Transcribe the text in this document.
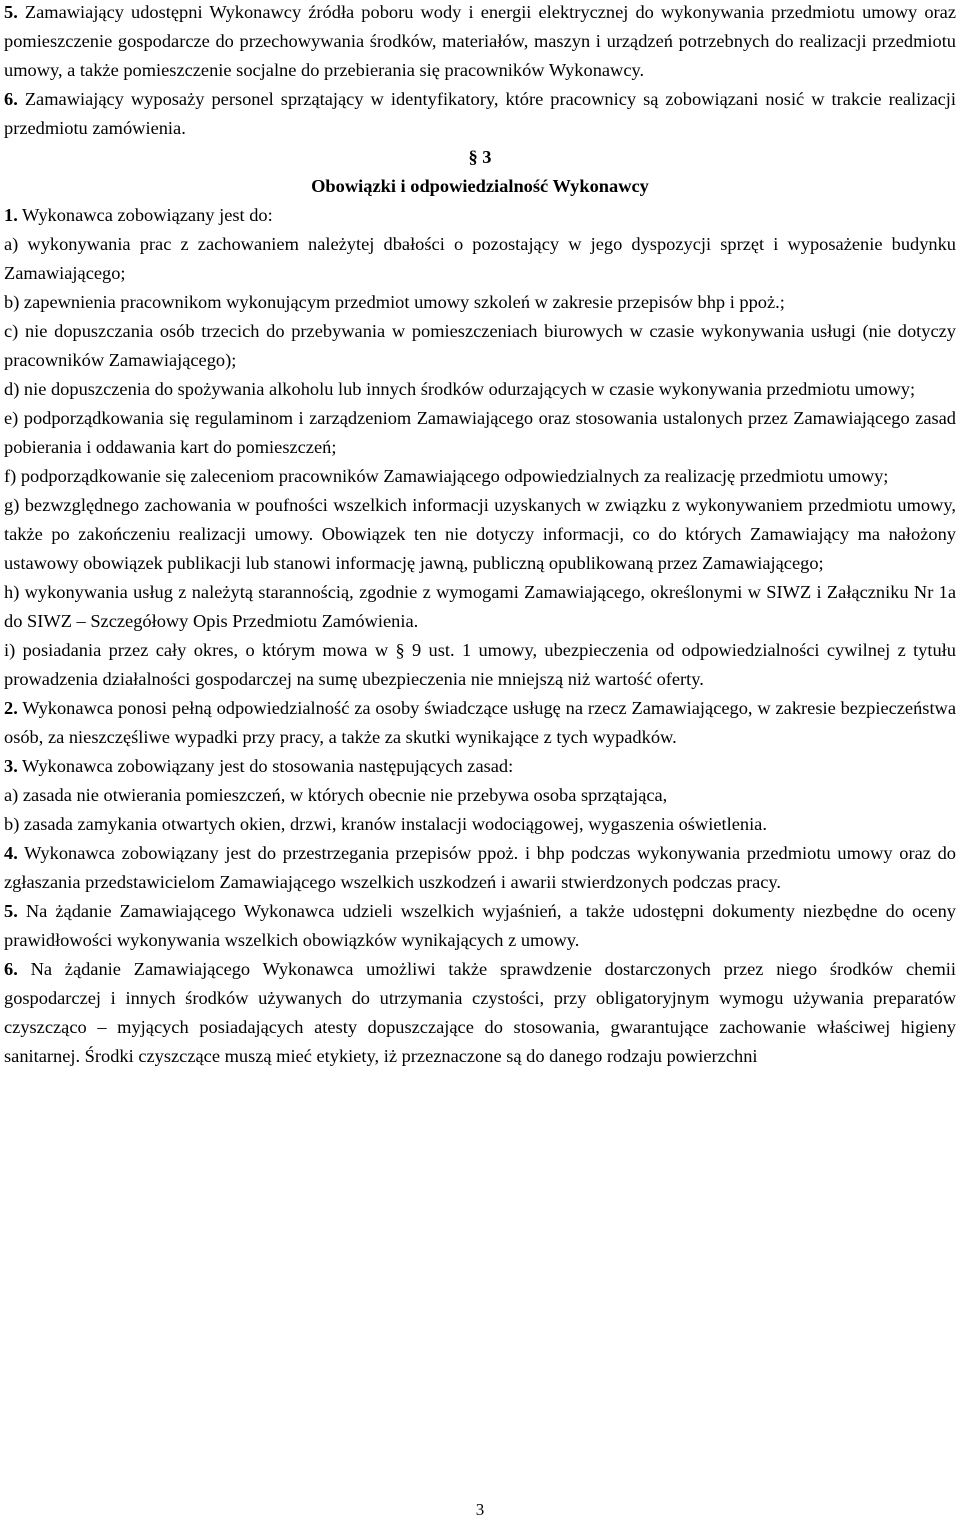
5. Zamawiający udostępni Wykonawcy źródła poboru wody i energii elektrycznej do wykonywania przedmiotu umowy oraz pomieszczenie gospodarcze do przechowywania środków, materiałów, maszyn i urządzeń potrzebnych do realizacji przedmiotu umowy, a także pomieszczenie socjalne do przebierania się pracowników Wykonawcy.

6. Zamawiający wyposaży personel sprzątający w identyfikatory, które pracownicy są zobowiązani nosić w trakcie realizacji przedmiotu zamówienia.

§ 3

Obowiązki i odpowiedzialność Wykonawcy

1. Wykonawca zobowiązany jest do:

a) wykonywania prac z zachowaniem należytej dbałości o pozostający w jego dyspozycji sprzęt i wyposażenie budynku Zamawiającego;

b) zapewnienia pracownikom wykonującym przedmiot umowy szkoleń w zakresie przepisów bhp i ppoż.;

c) nie dopuszczania osób trzecich do przebywania w pomieszczeniach biurowych w czasie wykonywania usługi (nie dotyczy pracowników Zamawiającego);

d) nie dopuszczenia do spożywania alkoholu lub innych środków odurzających w czasie wykonywania przedmiotu umowy;

e) podporządkowania się regulaminom i zarządzeniom Zamawiającego oraz stosowania ustalonych przez Zamawiającego zasad pobierania i oddawania kart do pomieszczeń;

f) podporządkowanie się zaleceniom pracowników Zamawiającego odpowiedzialnych za realizację przedmiotu umowy;

g) bezwzględnego zachowania w poufności wszelkich informacji uzyskanych w związku z wykonywaniem przedmiotu umowy, także po zakończeniu realizacji umowy. Obowiązek ten nie dotyczy informacji, co do których Zamawiający ma nałożony ustawowy obowiązek publikacji lub stanowi informację jawną, publiczną opublikowaną przez Zamawiającego;

h) wykonywania usług z należytą starannością, zgodnie z wymogami Zamawiającego, określonymi w SIWZ i Załączniku Nr 1a do SIWZ – Szczegółowy Opis Przedmiotu Zamówienia.

i) posiadania przez cały okres, o którym mowa w § 9 ust. 1 umowy, ubezpieczenia od odpowiedzialności cywilnej z tytułu prowadzenia działalności gospodarczej na sumę ubezpieczenia nie mniejszą niż wartość oferty.

2. Wykonawca ponosi pełną odpowiedzialność za osoby świadczące usługę na rzecz Zamawiającego, w zakresie bezpieczeństwa osób, za nieszczęśliwe wypadki przy pracy, a także za skutki wynikające z tych wypadków.

3. Wykonawca zobowiązany jest do stosowania następujących zasad:

a) zasada nie otwierania pomieszczeń, w których obecnie nie przebywa osoba sprzątająca,

b) zasada zamykania otwartych okien, drzwi, kranów instalacji wodociągowej, wygaszenia oświetlenia.

4. Wykonawca zobowiązany jest do przestrzegania przepisów ppoż. i bhp podczas wykonywania przedmiotu umowy oraz do zgłaszania przedstawicielom Zamawiającego wszelkich uszkodzeń i awarii stwierdzonych podczas pracy.

5. Na żądanie Zamawiającego Wykonawca udzieli wszelkich wyjaśnień, a także udostępni dokumenty niezbędne do oceny prawidłowości wykonywania wszelkich obowiązków wynikających z umowy.

6. Na żądanie Zamawiającego Wykonawca umożliwi także sprawdzenie dostarczonych przez niego środków chemii gospodarczej i innych środków używanych do utrzymania czystości, przy obligatoryjnym wymogu używania preparatów czyszcząco – myjących posiadających atesty dopuszczające do stosowania, gwarantujące zachowanie właściwej higieny sanitarnej. Środki czyszczące muszą mieć etykiety, iż przeznaczone są do danego rodzaju powierzchni

3
